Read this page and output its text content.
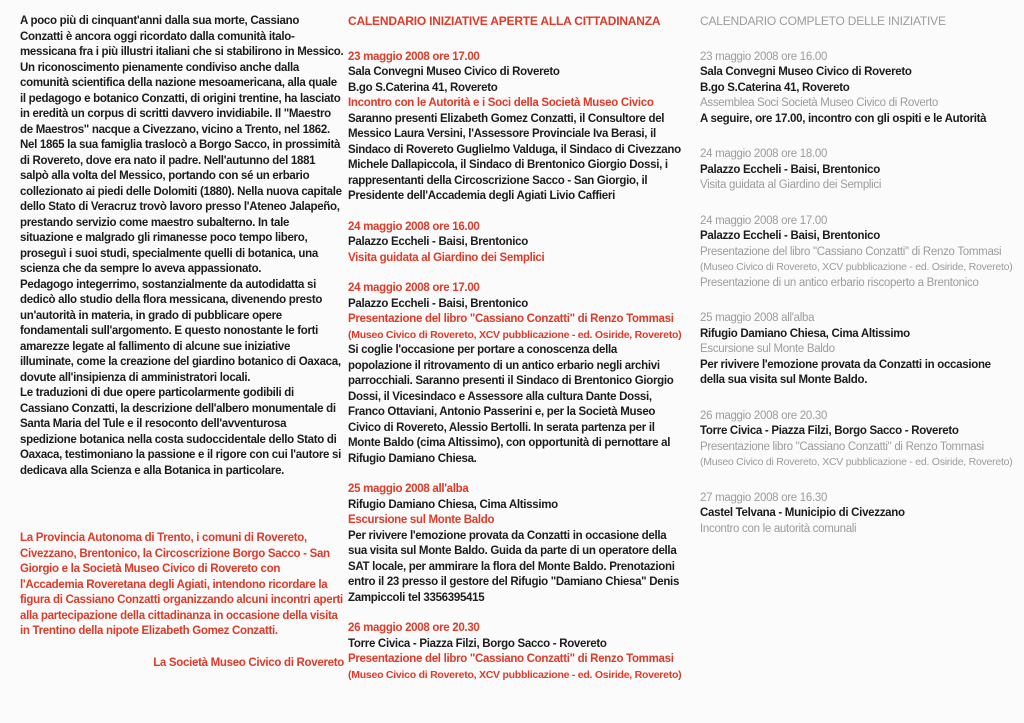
A poco più di cinquant'anni dalla sua morte, Cassiano Conzatti è ancora oggi ricordato dalla comunità italo-messicana fra i più illustri italiani che si stabilirono in Messico.

Un riconoscimento pienamente condiviso anche dalla comunità scientifica della nazione mesoamericana, alla quale il pedagogo e botanico Conzatti, di origini trentine, ha lasciato in eredità un corpus di scritti davvero invidiabile. Il "Maestro de Maestros" nacque a Civezzano, vicino a Trento, nel 1862. Nel 1865 la sua famiglia traslocò a Borgo Sacco, in prossimità di Rovereto, dove era nato il padre. Nell'autunno del 1881 salpò alla volta del Messico, portando con sé un erbario collezionato ai piedi delle Dolomiti (1880). Nella nuova capitale dello Stato di Veracruz trovò lavoro presso l'Ateneo Jalapeño, prestando servizio come maestro subalterno. In tale situazione e malgrado gli rimanesse poco tempo libero, proseguì i suoi studi, specialmente quelli di botanica, una scienza che da sempre lo aveva appassionato.

Pedagogo integerrimo, sostanzialmente da autodidatta si dedicò allo studio della flora messicana, divenendo presto un'autorità in materia, in grado di pubblicare opere fondamentali sull'argomento. E questo nonostante le forti amarezze legate al fallimento di alcune sue iniziative illuminate, come la creazione del giardino botanico di Oaxaca, dovute all'insipienza di amministratori locali.

Le traduzioni di due opere particolarmente godibili di Cassiano Conzatti, la descrizione dell'albero monumentale di Santa Maria del Tule e il resoconto dell'avventurosa spedizione botanica nella costa sudoccidentale dello Stato di Oaxaca, testimoniano la passione e il rigore con cui l'autore si dedicava alla Scienza e alla Botanica in particolare.

La Provincia Autonoma di Trento, i comuni di Rovereto, Civezzano, Brentonico, la Circoscrizione Borgo Sacco - San Giorgio e la Società Museo Civico di Rovereto con l'Accademia Roveretana degli Agiati, intendono ricordare la figura di Cassiano Conzatti organizzando alcuni incontri aperti alla partecipazione della cittadinanza in occasione della visita in Trentino della nipote Elizabeth Gomez Conzatti.

La Società Museo Civico di Rovereto

CALENDARIO INIZIATIVE APERTE ALLA CITTADINANZA

23 maggio 2008 ore 17.00

Sala Convegni Museo Civico di Rovereto

B.go S.Caterina 41, Rovereto

Incontro con le Autorità e i Soci della Società Museo Civico

Saranno presenti Elizabeth Gomez Conzatti, il Consultore del Messico Laura Versini, l'Assessore Provinciale Iva Berasi, il Sindaco di Rovereto Guglielmo Valduga, il Sindaco di Civezzano Michele Dallapiccola, il Sindaco di Brentonico Giorgio Dossi, i rappresentanti della Circoscrizione Sacco - San Giorgio, il Presidente dell'Accademia degli Agiati Livio Caffieri

24 maggio 2008 ore 16.00

Palazzo Eccheli - Baisi, Brentonico

Visita guidata al Giardino dei Semplici

24 maggio 2008 ore 17.00

Palazzo Eccheli - Baisi, Brentonico

Presentazione del libro "Cassiano Conzatti" di Renzo Tommasi

(Museo Civico di Rovereto, XCV pubblicazione - ed. Osiride, Rovereto)

Si coglie l'occasione per portare a conoscenza della popolazione il ritrovamento di un antico erbario negli archivi parrocchiali. Saranno presenti il Sindaco di Brentonico Giorgio Dossi, il Vicesindaco e Assessore alla cultura Dante Dossi, Franco Ottaviani, Antonio Passerini e, per la Società Museo Civico di Rovereto, Alessio Bertolli. In serata partenza per il Monte Baldo (cima Altissimo), con opportunità di pernottare al Rifugio Damiano Chiesa.

25 maggio 2008 all'alba

Rifugio Damiano Chiesa, Cima Altissimo

Escursione sul Monte Baldo

Per rivivere l'emozione provata da Conzatti in occasione della sua visita sul Monte Baldo. Guida da parte di un operatore della SAT locale, per ammirare la flora del Monte Baldo. Prenotazioni entro il 23 presso il gestore del Rifugio "Damiano Chiesa" Denis Zampiccoli tel 3356395415

26 maggio 2008 ore 20.30

Torre Civica - Piazza Filzi, Borgo Sacco - Rovereto

Presentazione del libro "Cassiano Conzatti" di Renzo Tommasi

(Museo Civico di Rovereto, XCV pubblicazione - ed. Osiride, Rovereto)

CALENDARIO COMPLETO DELLE INIZIATIVE

23 maggio 2008 ore 16.00

Sala Convegni Museo Civico di Rovereto

B.go S.Caterina 41, Rovereto

Assemblea Soci Società Museo Civico di Roverto

A seguire, ore 17.00, incontro con gli ospiti e le Autorità

24 maggio 2008 ore 18.00

Palazzo Eccheli - Baisi, Brentonico

Visita guidata al Giardino dei Semplici

24 maggio 2008 ore 17.00

Palazzo Eccheli - Baisi, Brentonico

Presentazione del libro "Cassiano Conzatti" di Renzo Tommasi

(Museo Civico di Rovereto, XCV pubblicazione - ed. Osiride, Rovereto)

Presentazione di un antico erbario riscoperto a Brentonico

25 maggio 2008 all'alba

Rifugio Damiano Chiesa, Cima Altissimo

Escursione sul Monte Baldo

Per rivivere l'emozione provata da Conzatti in occasione della sua visita sul Monte Baldo.

26 maggio 2008 ore 20.30

Torre Civica - Piazza Filzi, Borgo Sacco - Rovereto

Presentazione libro "Cassiano Conzatti" di Renzo Tommasi

(Museo Civico di Rovereto, XCV pubblicazione - ed. Osiride, Rovereto)

27 maggio 2008 ore 16.30

Castel Telvana - Municipio di Civezzano

Incontro con le autorità comunali
